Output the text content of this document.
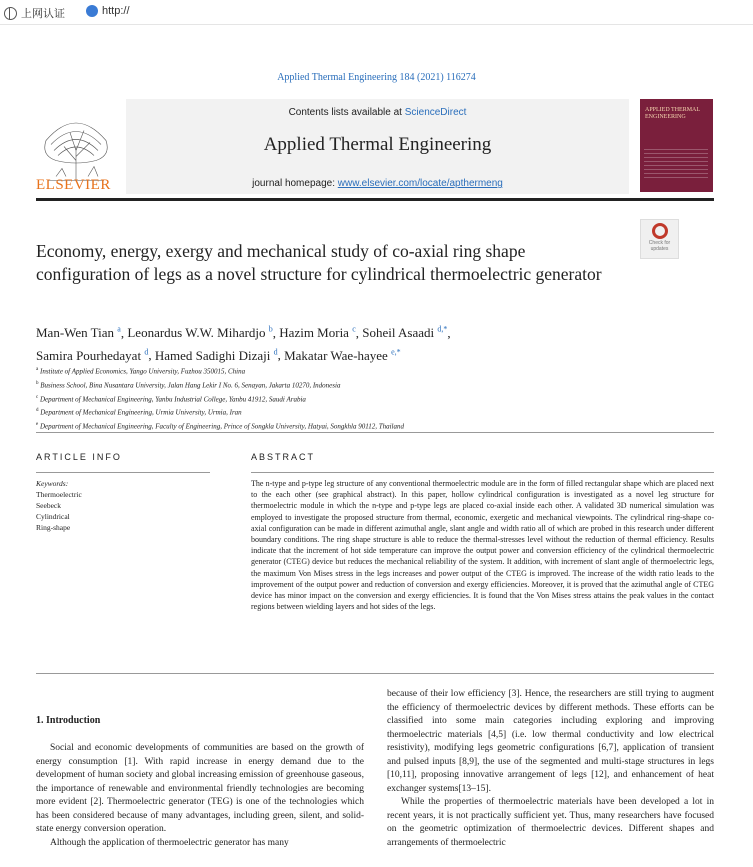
上网认证	http://
Applied Thermal Engineering 184 (2021) 116274
Contents lists available at ScienceDirect
Applied Thermal Engineering
journal homepage: www.elsevier.com/locate/apthermeng
ELSEVIER
APPLIED THERMAL ENGINEERING
Check for updates
Economy, energy, exergy and mechanical study of co-axial ring shape configuration of legs as a novel structure for cylindrical thermoelectric generator
Man-Wen Tian $^a$, Leonardus W.W. Mihardjo $^b$, Hazim Moria $^c$, Soheil Asaadi $^{d,*}$,
Samira Pourhedayat $^d$, Hamed Sadighi Dizaji $^d$, Makatar Wae-hayee $^{e,*}$
$^a$ Institute of Applied Economics, Yango University, Fuzhou 350015, China
$^b$ Business School, Bina Nusantara University, Jalan Hang Lekir I No. 6, Senayan, Jakarta 10270, Indonesia
$^c$ Department of Mechanical Engineering, Yanbu Industrial College, Yanbu 41912, Saudi Arabia
$^d$ Department of Mechanical Engineering, Urmia University, Urmia, Iran
$^e$ Department of Mechanical Engineering, Faculty of Engineering, Prince of Songkla University, Hatyai, Songkhla 90112, Thailand
ARTICLE INFO	ABSTRACT
Keywords:
Thermoelectric
Seebeck
Cylindrical
Ring-shape
The n-type and p-type leg structure of any conventional thermoelectric module are in the form of filled rectangular shape which are placed next to the each other (see graphical abstract). In this paper, hollow cylindrical configuration is investigated as a novel leg structure for thermoelectric module in which the n-type and p-type legs are placed co-axial inside each other. A validated 3D numerical simulation was employed to investigate the proposed structure from thermal, economic, exergetic and mechanical viewpoints. The cylindrical ring-shape co-axial configuration can be made in different azimuthal angle, slant angle and width ratio all of which are probed in this research under different boundary conditions. The ring shape structure is able to reduce the thermal-stresses level without the reduction of thermal efficiency. Results indicate that the increment of hot side temperature can improve the output power and conversion efficiency of the cylindrical thermoelectric generator (CTEG) device but reduces the mechanical reliability of the system. It addition, with increment of slant angle of thermoelectric legs, the maximum Von Mises stress in the legs increases and power output of the CTEG is improved. The increase of the width ratio leads to the improvement of the output power and reduction of conversion and exergy efficiencies. Moreover, it is proved that the azimuthal angle of CTEG device has minor impact on the conversion and exergy efficiencies. It is found that the Von Mises stress attains the peak values in the contact regions between wielding layers and hot sides of the legs.
1. Introduction

Social and economic developments of communities are based on the growth of energy consumption [1]. With rapid increase in energy demand due to the development of human society and global increasing emission of greenhouse gaseous, the importance of renewable and environmental friendly technologies are becoming more evident [2]. Thermoelectric generator (TEG) is one of the technologies which has been considered because of many advantages, including green, silent, and solid-state energy conversion operation.

Although the application of thermoelectric generator has many

because of their low efficiency [3]. Hence, the researchers are still trying to augment the efficiency of thermoelectric devices by different methods. These efforts can be classified into some main categories including exploring and improving thermoelectric materials [4,5] (i.e. low thermal conductivity and low electrical resistivity), modifying legs geometric configurations [6,7], application of transient and pulsed inputs [8,9], the use of the segmented and multi-stage structures in legs [10,11], proposing innovative arrangement of legs [12], and enhancement of heat exchanger systems[13–15].

While the properties of thermoelectric materials have been developed a lot in recent years, it is not practically sufficient yet. Thus, many researchers have focused on the geometric optimization of thermoelectric devices. Different shapes and arrangements of thermoelectric
